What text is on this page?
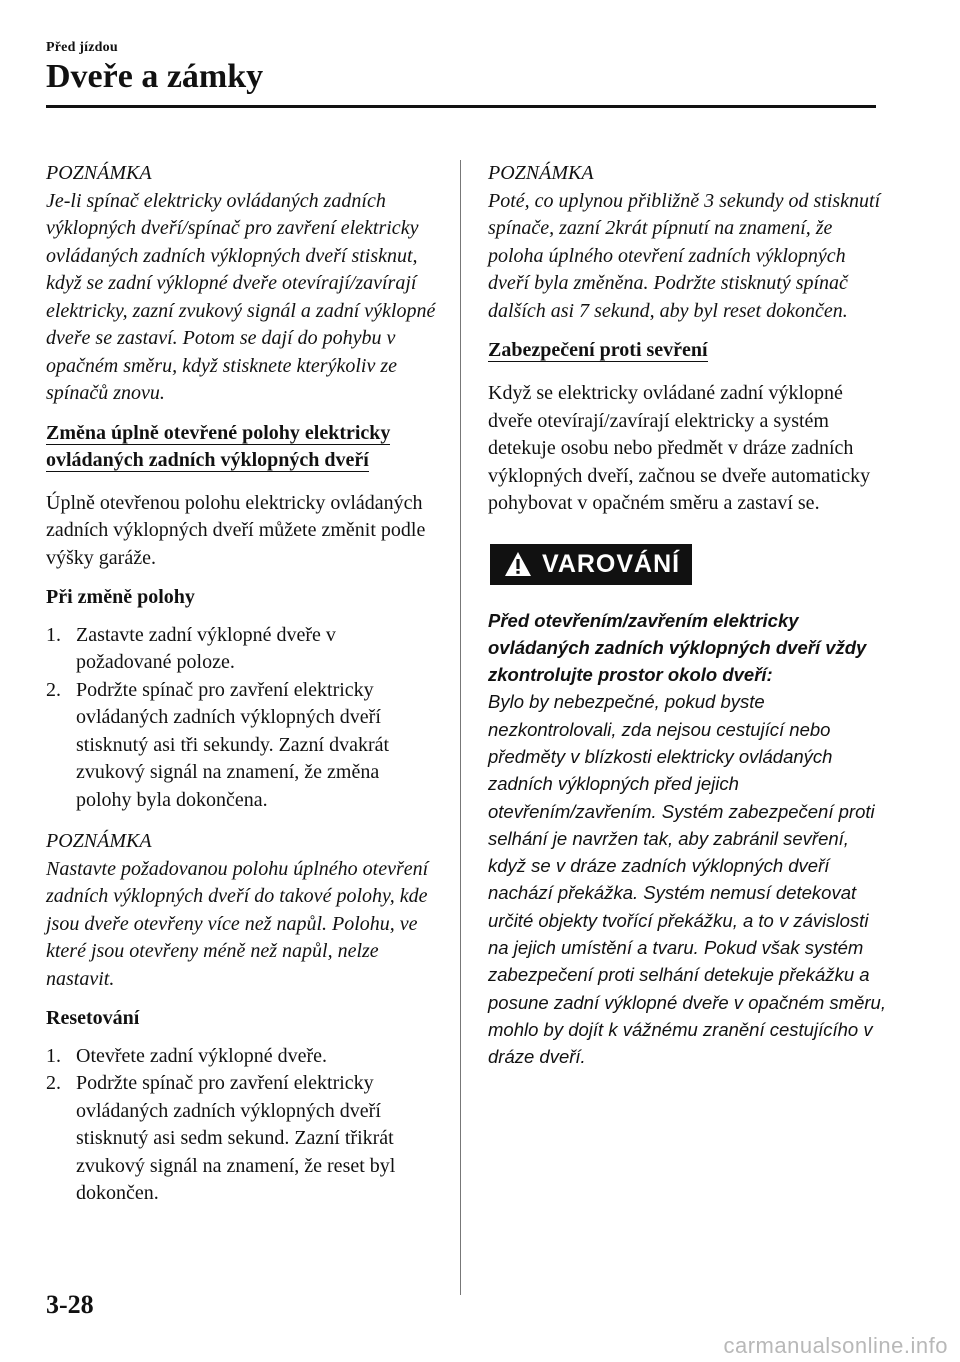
Před jízdou
Dveře a zámky
POZNÁMKA
Je-li spínač elektricky ovládaných zadních výklopných dveří/spínač pro zavření elektricky ovládaných zadních výklopných dveří stisknut, když se zadní výklopné dveře otevírají/zavírají elektricky, zazní zvukový signál a zadní výklopné dveře se zastaví. Potom se dají do pohybu v opačném směru, když stisknete kterýkoliv ze spínačů znovu.
Změna úplně otevřené polohy elektricky ovládaných zadních výklopných dveří
Úplně otevřenou polohu elektricky ovládaných zadních výklopných dveří můžete změnit podle výšky garáže.
Při změně polohy
1. Zastavte zadní výklopné dveře v požadované poloze.
2. Podržte spínač pro zavření elektricky ovládaných zadních výklopných dveří stisknutý asi tři sekundy. Zazní dvakrát zvukový signál na znamení, že změna polohy byla dokončena.
POZNÁMKA
Nastavte požadovanou polohu úplného otevření zadních výklopných dveří do takové polohy, kde jsou dveře otevřeny více než napůl. Polohu, ve které jsou otevřeny méně než napůl, nelze nastavit.
Resetování
1. Otevřete zadní výklopné dveře.
2. Podržte spínač pro zavření elektricky ovládaných zadních výklopných dveří stisknutý asi sedm sekund. Zazní třikrát zvukový signál na znamení, že reset byl dokončen.
POZNÁMKA
Poté, co uplynou přibližně 3 sekundy od stisknutí spínače, zazní 2krát pípnutí na znamení, že poloha úplného otevření zadních výklopných dveří byla změněna. Podržte stisknutý spínač dalších asi 7 sekund, aby byl reset dokončen.
Zabezpečení proti sevření
Když se elektricky ovládané zadní výklopné dveře otevírají/zavírají elektricky a systém detekuje osobu nebo předmět v dráze zadních výklopných dveří, začnou se dveře automaticky pohybovat v opačném směru a zastaví se.
VAROVÁNÍ
Před otevřením/zavřením elektricky ovládaných zadních výklopných dveří vždy zkontrolujte prostor okolo dveří:
Bylo by nebezpečné, pokud byste nezkontrolovali, zda nejsou cestující nebo předměty v blízkosti elektricky ovládaných zadních výklopných před jejich otevřením/zavřením. Systém zabezpečení proti selhání je navržen tak, aby zabránil sevření, když se v dráze zadních výklopných dveří nachází překážka. Systém nemusí detekovat určité objekty tvořící překážku, a to v závislosti na jejich umístění a tvaru. Pokud však systém zabezpečení proti selhání detekuje překážku a posune zadní výklopné dveře v opačném směru, mohlo by dojít k vážnému zranění cestujícího v dráze dveří.
3-28
carmanualsonline.info
